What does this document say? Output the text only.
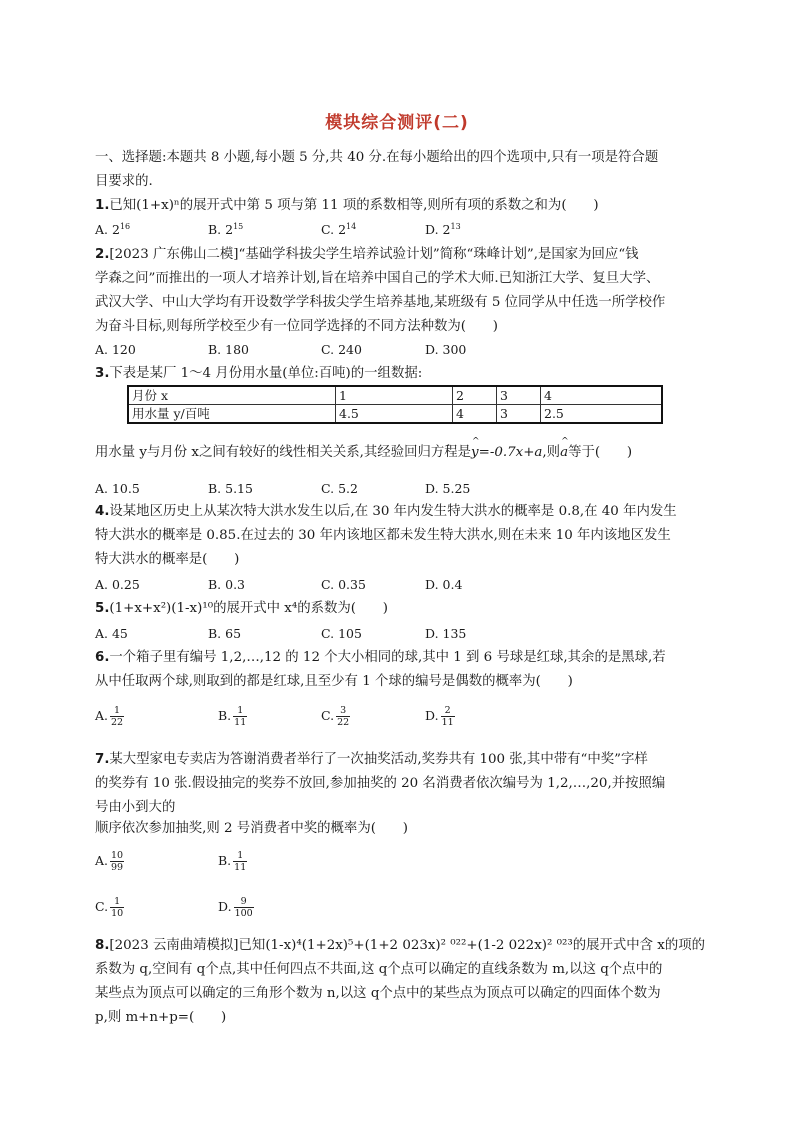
模块综合测评(二)
一、选择题:本题共 8 小题,每小题 5 分,共 40 分.在每小题给出的四个选项中,只有一项是符合题
目要求的.
1.已知(1+x)ⁿ的展开式中第 5 项与第 11 项的系数相等,则所有项的系数之和为(　　)
A. $2^{16}$	B. $2^{15}$	C. $2^{14}$	D. $2^{13}$
2.[2023 广东佛山二模]“基础学科拔尖学生培养试验计划”简称“珠峰计划”,是国家为回应“钱
学森之问”而推出的一项人才培养计划,旨在培养中国自己的学术大师.已知浙江大学、复旦大学、
武汉大学、中山大学均有开设数学学科拔尖学生培养基地,某班级有 5 位同学从中任选一所学校作
为奋斗目标,则每所学校至少有一位同学选择的不同方法种数为(　　)
A. 120	B. 180	C. 240	D. 300
3.下表是某厂 1～4 月份用水量(单位:百吨)的一组数据:
月份 x	1	2	3	4
用水量 y/百吨	4.5	4	3	2.5
用水量 y与月份 x之间有较好的线性相关关系,其经验回归方程是^ y=-0.7x+a,则^ a等于(　　)
A. 10.5	B. 5.15	C. 5.2	D. 5.25
4.设某地区历史上从某次特大洪水发生以后,在 30 年内发生特大洪水的概率是 0.8,在 40 年内发生
特大洪水的概率是 0.85.在过去的 30 年内该地区都未发生特大洪水,则在未来 10 年内该地区发生
特大洪水的概率是(　　)
A. 0.25	B. 0.3	C. 0.35	D. 0.4
5.(1+x+x²)(1-x)¹⁰的展开式中 x⁴的系数为(　　)
A. 45	B. 65	C. 105	D. 135
6.一个箱子里有编号 1,2,…,12 的 12 个大小相同的球,其中 1 到 6 号球是红球,其余的是黑球,若
从中任取两个球,则取到的都是红球,且至少有 1 个球的编号是偶数的概率为(　　)
A. $\frac{1}{22}$	B. $\frac{1}{11}$	C. $\frac{3}{22}$	D. $\frac{2}{11}$
7.某大型家电专卖店为答谢消费者举行了一次抽奖活动,奖券共有 100 张,其中带有“中奖”字样
的奖券有 10 张.假设抽完的奖券不放回,参加抽奖的 20 名消费者依次编号为 1,2,…,20,并按照编
号由小到大的
顺序依次参加抽奖,则 2 号消费者中奖的概率为(　　)
A. $\frac{10}{99}$	B. $\frac{1}{11}$
C. $\frac{1}{10}$	D. $\frac{9}{100}$
8.[2023 云南曲靖模拟]已知(1-x)⁴(1+2x)⁵+(1+2 023x)² ⁰²²+(1-2 022x)² ⁰²³的展开式中含 x的项的
系数为 q,空间有 q个点,其中任何四点不共面,这 q个点可以确定的直线条数为 m,以这 q个点中的
某些点为顶点可以确定的三角形个数为 n,以这 q个点中的某些点为顶点可以确定的四面体个数为
p,则 m+n+p=(　　)
